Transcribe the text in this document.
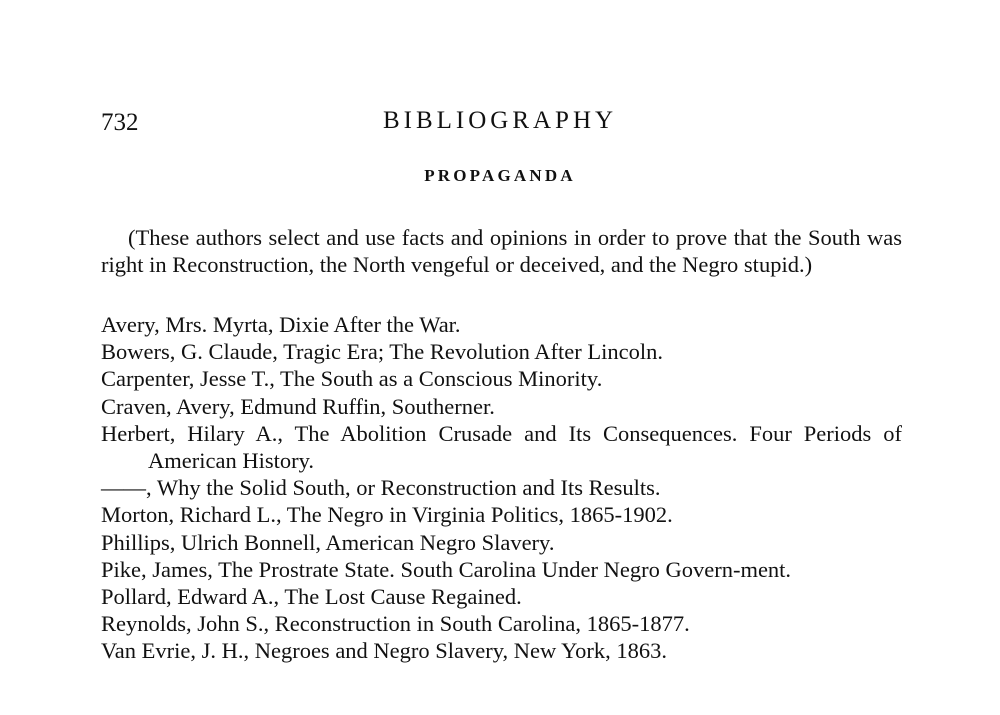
732	BIBLIOGRAPHY
PROPAGANDA

(These authors select and use facts and opinions in order to prove that the South was right in Reconstruction, the North vengeful or deceived, and the Negro stupid.)

Avery, Mrs. Myrta, Dixie After the War.
Bowers, G. Claude, Tragic Era; The Revolution After Lincoln.
Carpenter, Jesse T., The South as a Conscious Minority.
Craven, Avery, Edmund Ruffin, Southerner.
Herbert, Hilary A., The Abolition Crusade and Its Consequences. Four Periods of American History.
——, Why the Solid South, or Reconstruction and Its Results.
Morton, Richard L., The Negro in Virginia Politics, 1865-1902.
Phillips, Ulrich Bonnell, American Negro Slavery.
Pike, James, The Prostrate State. South Carolina Under Negro Govern-ment.
Pollard, Edward A., The Lost Cause Regained.
Reynolds, John S., Reconstruction in South Carolina, 1865-1877.
Van Evrie, J. H., Negroes and Negro Slavery, New York, 1863.
